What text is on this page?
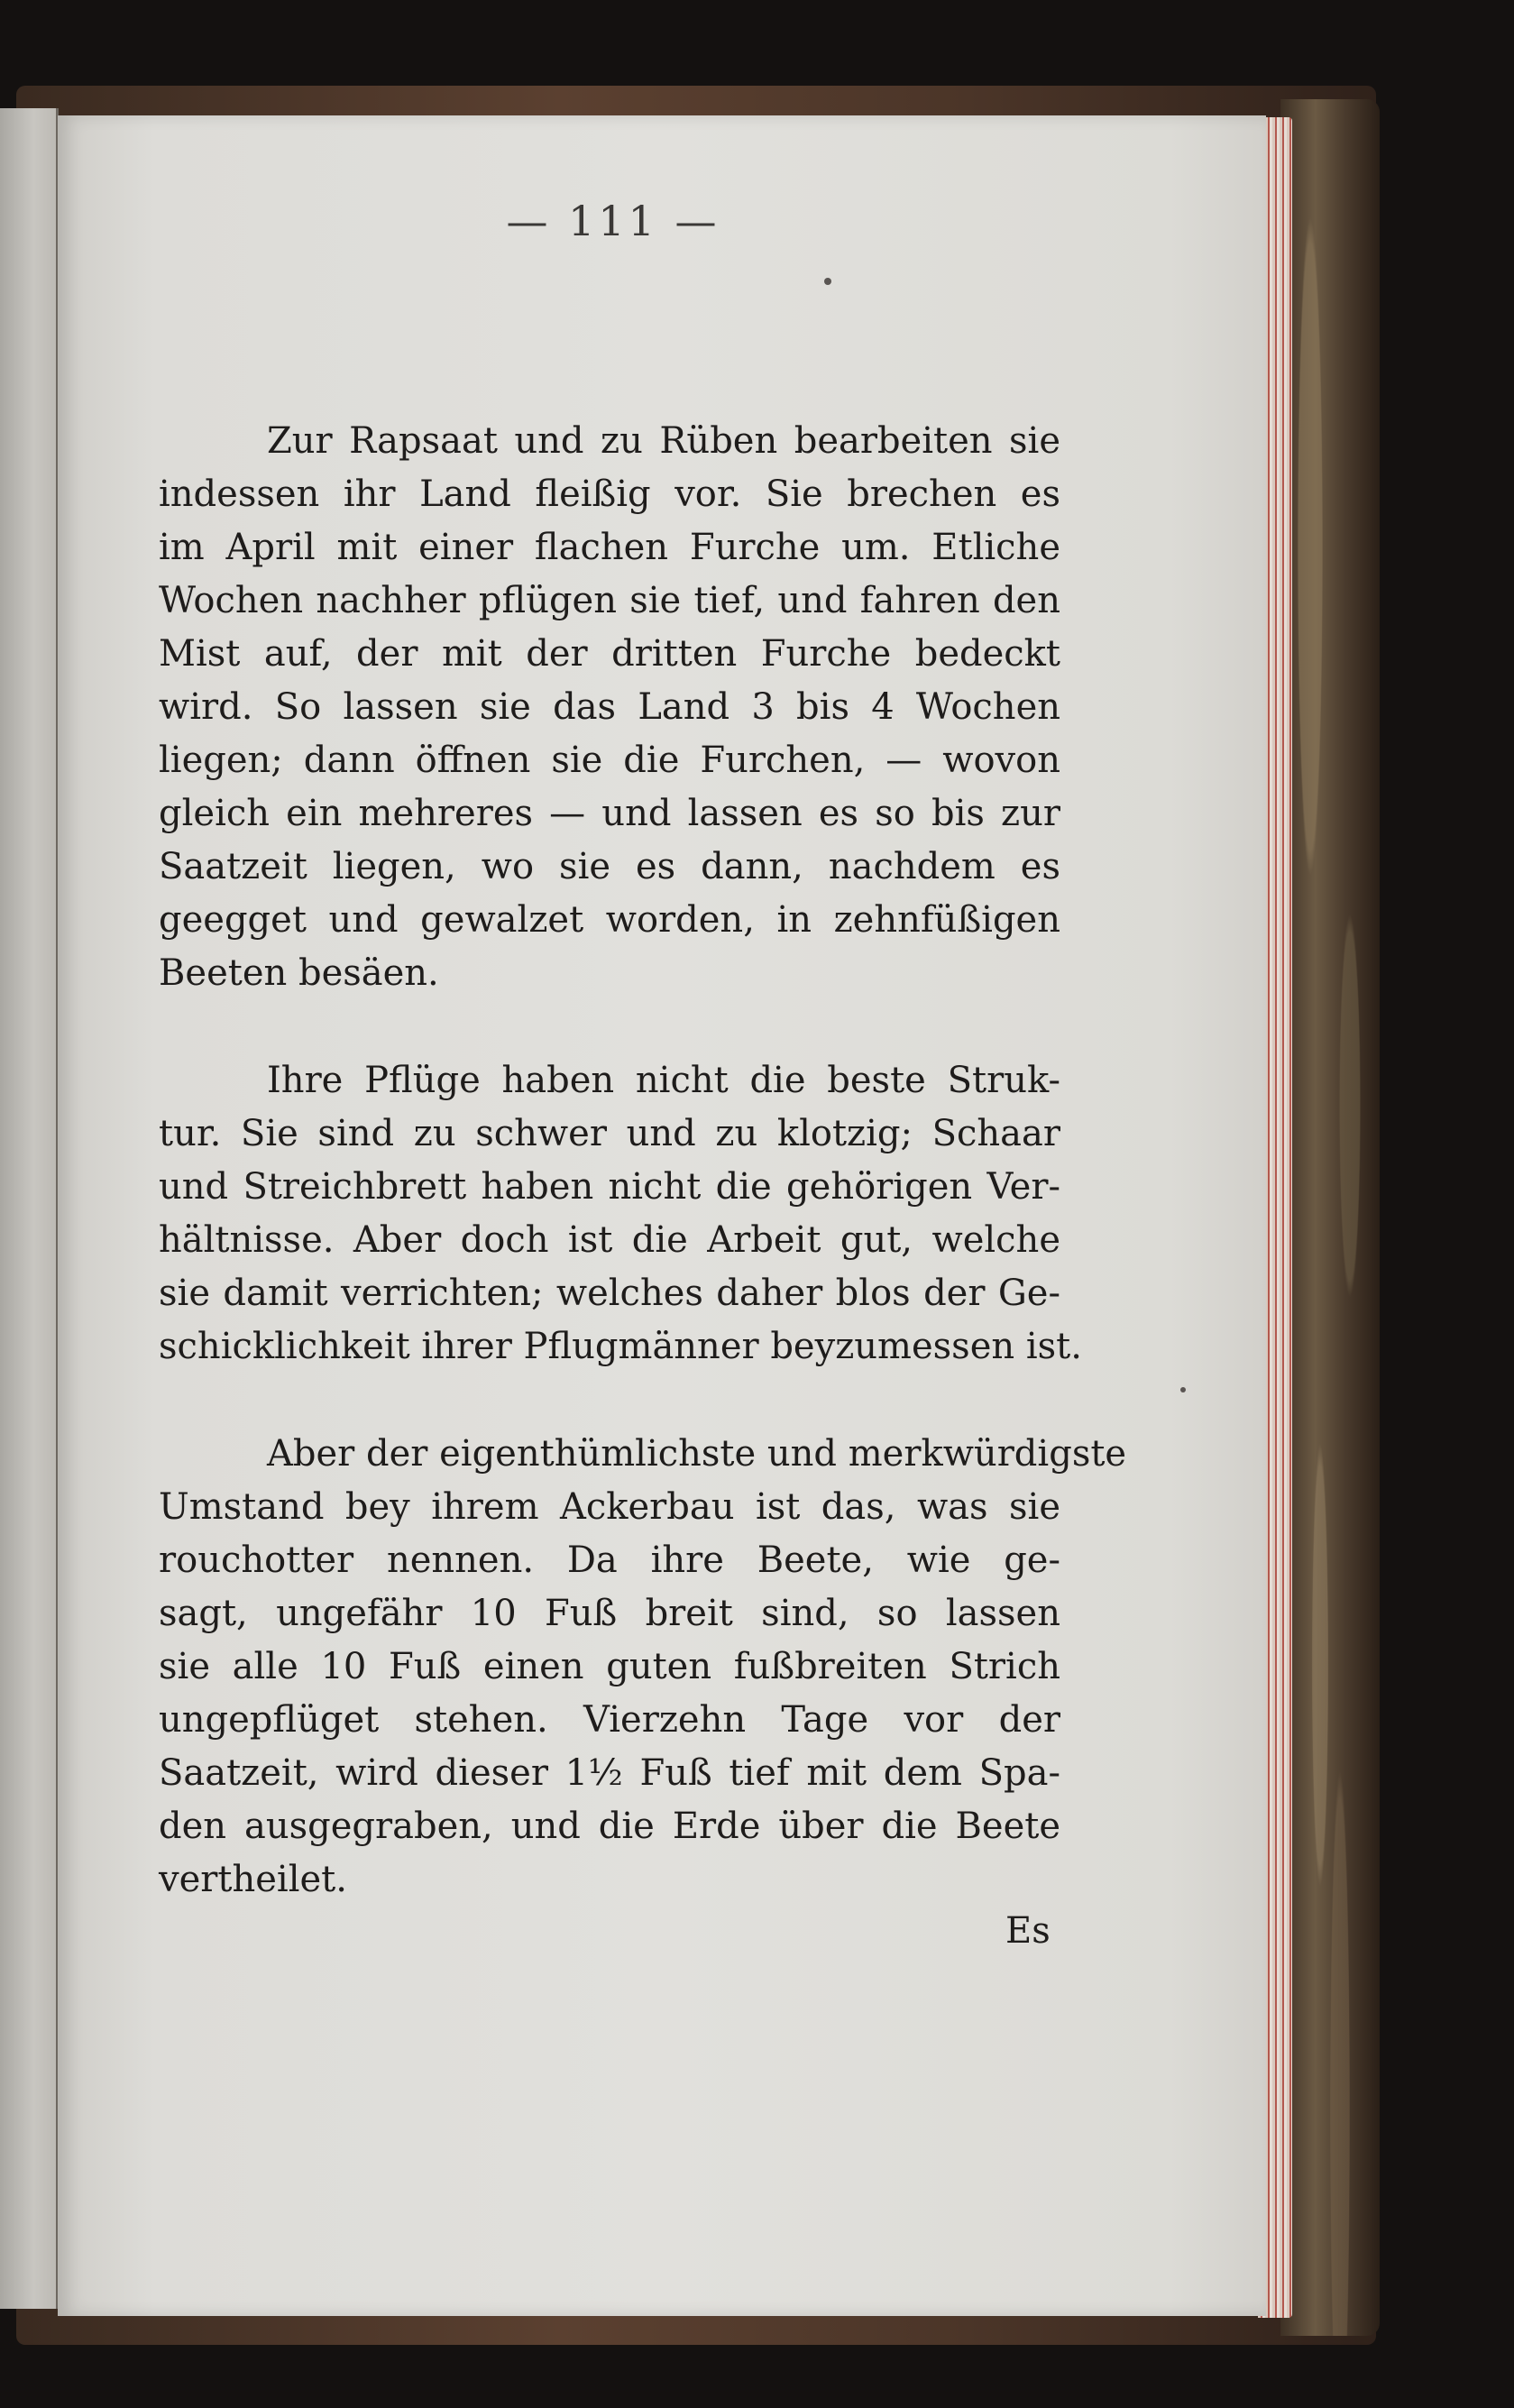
— 111 —
Zur Rapsaat und zu Rüben bearbeiten sie
indessen ihr Land fleißig vor. Sie brechen es
im April mit einer flachen Furche um. Etliche
Wochen nachher pflügen sie tief, und fahren den
Mist auf, der mit der dritten Furche bedeckt
wird. So lassen sie das Land 3 bis 4 Wochen
liegen; dann öffnen sie die Furchen, — wovon
gleich ein mehreres — und lassen es so bis zur
Saatzeit liegen, wo sie es dann, nachdem es
geegget und gewalzet worden, in zehnfüßigen
Beeten besäen.
Ihre Pflüge haben nicht die beste Struk-
tur. Sie sind zu schwer und zu klotzig; Schaar
und Streichbrett haben nicht die gehörigen Ver-
hältnisse. Aber doch ist die Arbeit gut, welche
sie damit verrichten; welches daher blos der Ge-
schicklichkeit ihrer Pflugmänner beyzumessen ist.
Aber der eigenthümlichste und merkwürdigste
Umstand bey ihrem Ackerbau ist das, was sie
rouchotter nennen. Da ihre Beete, wie ge-
sagt, ungefähr 10 Fuß breit sind, so lassen
sie alle 10 Fuß einen guten fußbreiten Strich
ungepflüget stehen. Vierzehn Tage vor der
Saatzeit, wird dieser 1½ Fuß tief mit dem Spa-
den ausgegraben, und die Erde über die Beete
vertheilet.
Es
